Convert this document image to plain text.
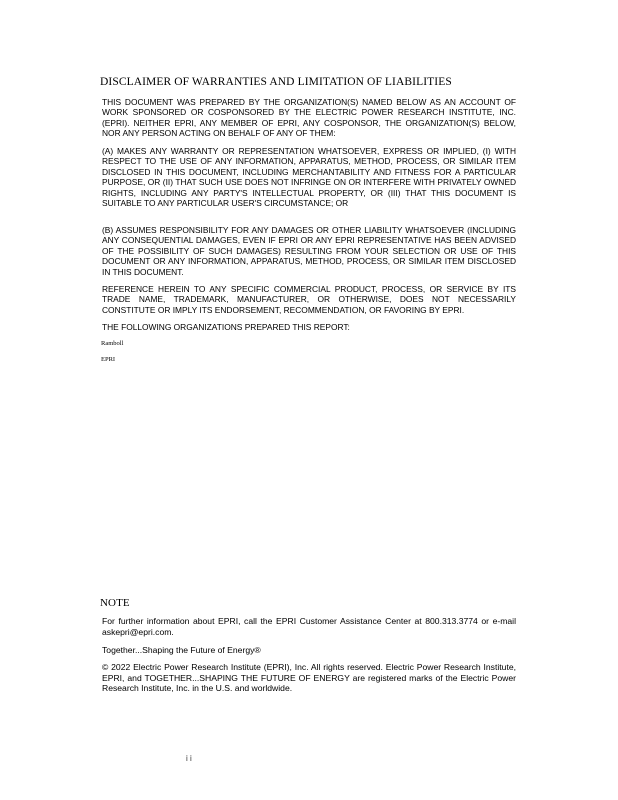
DISCLAIMER OF WARRANTIES AND LIMITATION OF LIABILITIES
THIS DOCUMENT WAS PREPARED BY THE ORGANIZATION(S) NAMED BELOW AS AN ACCOUNT OF WORK SPONSORED OR COSPONSORED BY THE ELECTRIC POWER RESEARCH INSTITUTE, INC. (EPRI). NEITHER EPRI, ANY MEMBER OF EPRI, ANY COSPONSOR, THE ORGANIZATION(S) BELOW, NOR ANY PERSON ACTING ON BEHALF OF ANY OF THEM:
(A) MAKES ANY WARRANTY OR REPRESENTATION WHATSOEVER, EXPRESS OR IMPLIED, (I) WITH RESPECT TO THE USE OF ANY INFORMATION, APPARATUS, METHOD, PROCESS, OR SIMILAR ITEM DISCLOSED IN THIS DOCUMENT, INCLUDING MERCHANTABILITY AND FITNESS FOR A PARTICULAR PURPOSE, OR (II) THAT SUCH USE DOES NOT INFRINGE ON OR INTERFERE WITH PRIVATELY OWNED RIGHTS, INCLUDING ANY PARTY'S INTELLECTUAL PROPERTY, OR (III) THAT THIS DOCUMENT IS SUITABLE TO ANY PARTICULAR USER'S CIRCUMSTANCE; OR
(B) ASSUMES RESPONSIBILITY FOR ANY DAMAGES OR OTHER LIABILITY WHATSOEVER (INCLUDING ANY CONSEQUENTIAL DAMAGES, EVEN IF EPRI OR ANY EPRI REPRESENTATIVE HAS BEEN ADVISED OF THE POSSIBILITY OF SUCH DAMAGES) RESULTING FROM YOUR SELECTION OR USE OF THIS DOCUMENT OR ANY INFORMATION, APPARATUS, METHOD, PROCESS, OR SIMILAR ITEM DISCLOSED IN THIS DOCUMENT.
REFERENCE HEREIN TO ANY SPECIFIC COMMERCIAL PRODUCT, PROCESS, OR SERVICE BY ITS TRADE NAME, TRADEMARK, MANUFACTURER, OR OTHERWISE, DOES NOT NECESSARILY CONSTITUTE OR IMPLY ITS ENDORSEMENT, RECOMMENDATION, OR FAVORING BY EPRI.
THE FOLLOWING ORGANIZATIONS PREPARED THIS REPORT:
Ramboll
EPRI
NOTE
For further information about EPRI, call the EPRI Customer Assistance Center at 800.313.3774 or e-mail askepri@epri.com.
Together...Shaping the Future of Energy®
© 2022 Electric Power Research Institute (EPRI), Inc. All rights reserved. Electric Power Research Institute, EPRI, and TOGETHER...SHAPING THE FUTURE OF ENERGY are registered marks of the Electric Power Research Institute, Inc. in the U.S. and worldwide.
i i
